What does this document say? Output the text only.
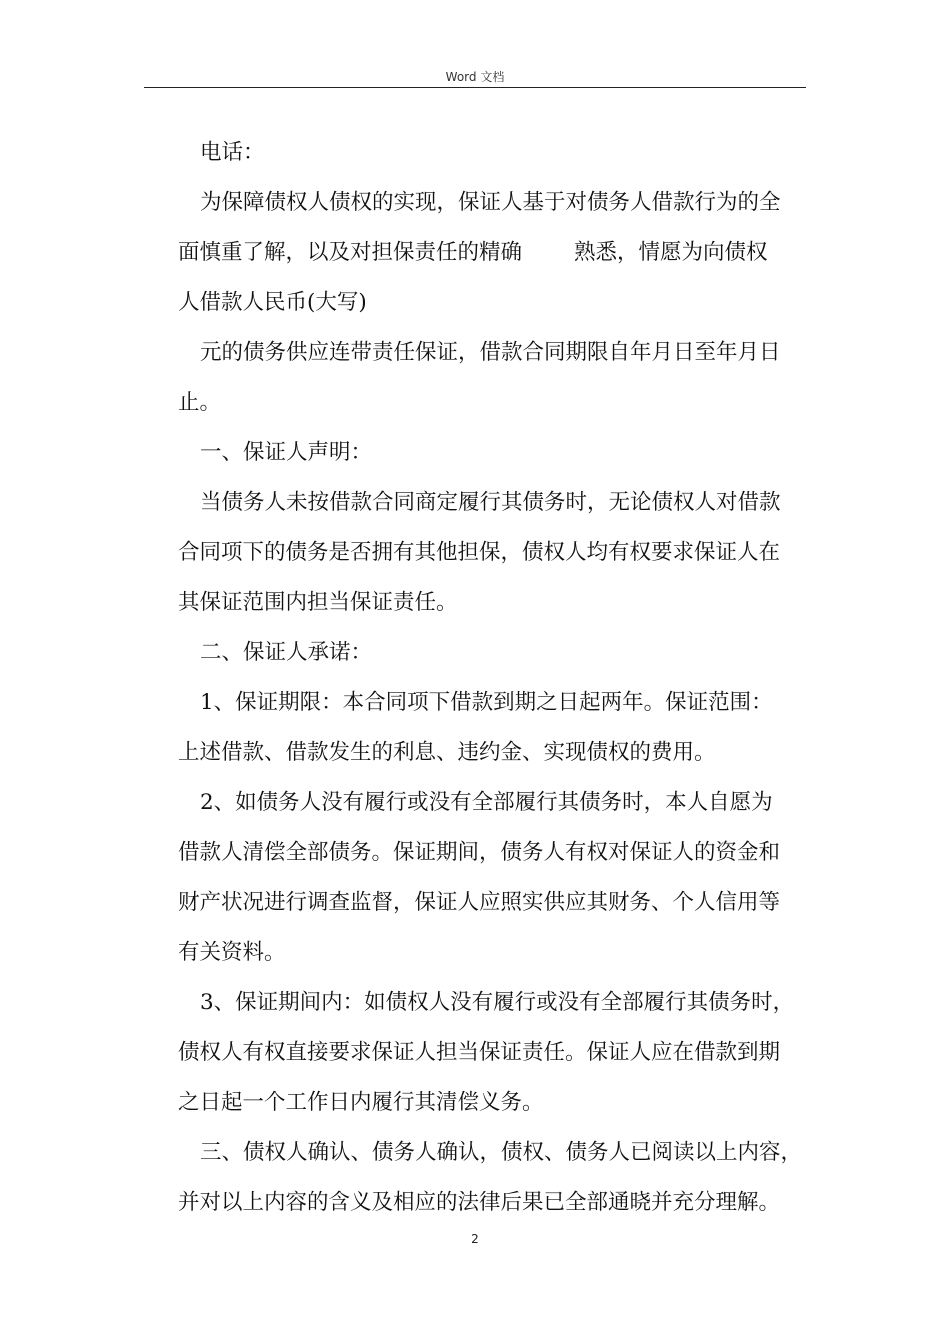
Word 文档
电话：
为保障债权人债权的实现，保证人基于对债务人借款行为的全
面慎重了解，以及对担保责任的精确 熟悉，情愿为向债权
人借款人民币(大写)
元的债务供应连带责任保证，借款合同期限自年月日至年月日
止。
一、保证人声明：
当债务人未按借款合同商定履行其债务时，无论债权人对借款
合同项下的债务是否拥有其他担保，债权人均有权要求保证人在
其保证范围内担当保证责任。
二、保证人承诺：
1、保证期限：本合同项下借款到期之日起两年。保证范围：
上述借款、借款发生的利息、违约金、实现债权的费用。
2、如债务人没有履行或没有全部履行其债务时，本人自愿为
借款人清偿全部债务。保证期间，债务人有权对保证人的资金和
财产状况进行调查监督，保证人应照实供应其财务、个人信用等
有关资料。
3、保证期间内：如债权人没有履行或没有全部履行其债务时，
债权人有权直接要求保证人担当保证责任。保证人应在借款到期
之日起一个工作日内履行其清偿义务。
三、债权人确认、债务人确认，债权、债务人已阅读以上内容，
并对以上内容的含义及相应的法律后果已全部通晓并充分理解。
2
